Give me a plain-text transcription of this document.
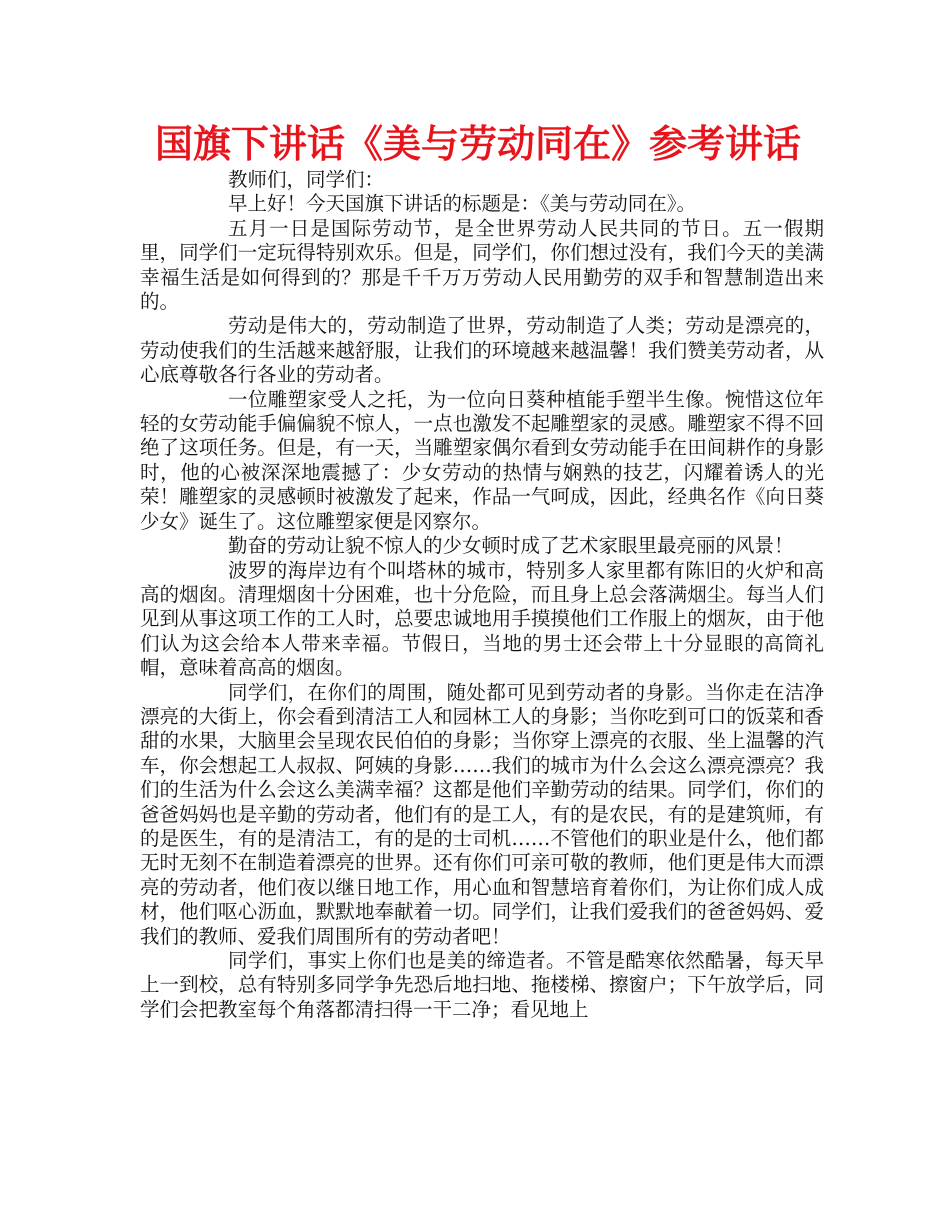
国旗下讲话《美与劳动同在》参考讲话

教师们，同学们：

早上好！今天国旗下讲话的标题是：《美与劳动同在》。

五月一日是国际劳动节，是全世界劳动人民共同的节日。五一假期里，同学们一定玩得特别欢乐。但是，同学们，你们想过没有，我们今天的美满幸福生活是如何得到的？那是千千万万劳动人民用勤劳的双手和智慧制造出来的。

劳动是伟大的，劳动制造了世界，劳动制造了人类；劳动是漂亮的，劳动使我们的生活越来越舒服，让我们的环境越来越温馨！我们赞美劳动者，从心底尊敬各行各业的劳动者。

一位雕塑家受人之托，为一位向日葵种植能手塑半生像。惋惜这位年轻的女劳动能手偏偏貌不惊人，一点也激发不起雕塑家的灵感。雕塑家不得不回绝了这项任务。但是，有一天，当雕塑家偶尔看到女劳动能手在田间耕作的身影时，他的心被深深地震撼了：少女劳动的热情与娴熟的技艺，闪耀着诱人的光荣！雕塑家的灵感顿时被激发了起来，作品一气呵成，因此，经典名作《向日葵少女》诞生了。这位雕塑家便是冈察尔。

勤奋的劳动让貌不惊人的少女顿时成了艺术家眼里最亮丽的风景！

波罗的海岸边有个叫塔林的城市，特别多人家里都有陈旧的火炉和高高的烟囱。清理烟囱十分困难，也十分危险，而且身上总会落满烟尘。每当人们见到从事这项工作的工人时，总要忠诚地用手摸摸他们工作服上的烟灰，由于他们认为这会给本人带来幸福。节假日，当地的男士还会带上十分显眼的高筒礼帽，意味着高高的烟囱。

同学们，在你们的周围，随处都可见到劳动者的身影。当你走在洁净漂亮的大街上，你会看到清洁工人和园林工人的身影；当你吃到可口的饭菜和香甜的水果，大脑里会呈现农民伯伯的身影；当你穿上漂亮的衣服、坐上温馨的汽车，你会想起工人叔叔、阿姨的身影……我们的城市为什么会这么漂亮漂亮？我们的生活为什么会这么美满幸福？这都是他们辛勤劳动的结果。同学们，你们的爸爸妈妈也是辛勤的劳动者，他们有的是工人，有的是农民，有的是建筑师，有的是医生，有的是清洁工，有的是的士司机……不管他们的职业是什么，他们都无时无刻不在制造着漂亮的世界。还有你们可亲可敬的教师，他们更是伟大而漂亮的劳动者，他们夜以继日地工作，用心血和智慧培育着你们，为让你们成人成材，他们呕心沥血，默默地奉献着一切。同学们，让我们爱我们的爸爸妈妈、爱我们的教师、爱我们周围所有的劳动者吧！

同学们，事实上你们也是美的缔造者。不管是酷寒依然酷暑，每天早上一到校，总有特别多同学争先恐后地扫地、拖楼梯、擦窗户；下午放学后，同学们会把教室每个角落都清扫得一干二净；看见地上
